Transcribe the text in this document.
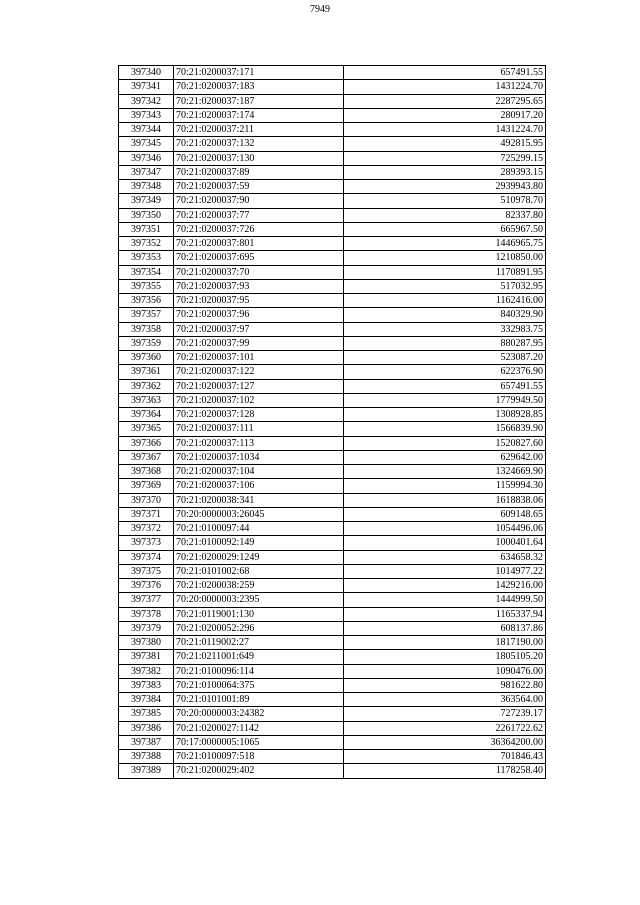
7949
397340	70:21:0200037:171	657491.55
397341	70:21:0200037:183	1431224.70
397342	70:21:0200037:187	2287295.65
397343	70:21:0200037:174	280917.20
397344	70:21:0200037:211	1431224.70
397345	70:21:0200037:132	492815.95
397346	70:21:0200037:130	725299.15
397347	70:21:0200037:89	289393.15
397348	70:21:0200037:59	2939943.80
397349	70:21:0200037:90	510978.70
397350	70:21:0200037:77	82337.80
397351	70:21:0200037:726	665967.50
397352	70:21:0200037:801	1446965.75
397353	70:21:0200037:695	1210850.00
397354	70:21:0200037:70	1170891.95
397355	70:21:0200037:93	517032.95
397356	70:21:0200037:95	1162416.00
397357	70:21:0200037:96	840329.90
397358	70:21:0200037:97	332983.75
397359	70:21:0200037:99	880287.95
397360	70:21:0200037:101	523087.20
397361	70:21:0200037:122	622376.90
397362	70:21:0200037:127	657491.55
397363	70:21:0200037:102	1779949.50
397364	70:21:0200037:128	1308928.85
397365	70:21:0200037:111	1566839.90
397366	70:21:0200037:113	1520827.60
397367	70:21:0200037:1034	629642.00
397368	70:21:0200037:104	1324669.90
397369	70:21:0200037:106	1159994.30
397370	70:21:0200038:341	1618838.06
397371	70:20:0000003:26045	609148.65
397372	70:21:0100097:44	1054496.06
397373	70:21:0100092:149	1000401.64
397374	70:21:0200029:1249	634658.32
397375	70:21:0101002:68	1014977.22
397376	70:21:0200038:259	1429216.00
397377	70:20:0000003:2395	1444999.50
397378	70:21:0119001:130	1165337.94
397379	70:21:0200052:296	608137.86
397380	70:21:0119002:27	1817190.00
397381	70:21:0211001:649	1805105.20
397382	70:21:0100096:114	1090476.00
397383	70:21:0100064:375	981622.80
397384	70:21:0101001:89	363564.00
397385	70:20:0000003:24382	727239.17
397386	70:21:0200027:1142	2261722.62
397387	70:17:0000005:1065	36364200.00
397388	70:21:0100097:518	701846.43
397389	70:21:0200029:402	1178258.40
